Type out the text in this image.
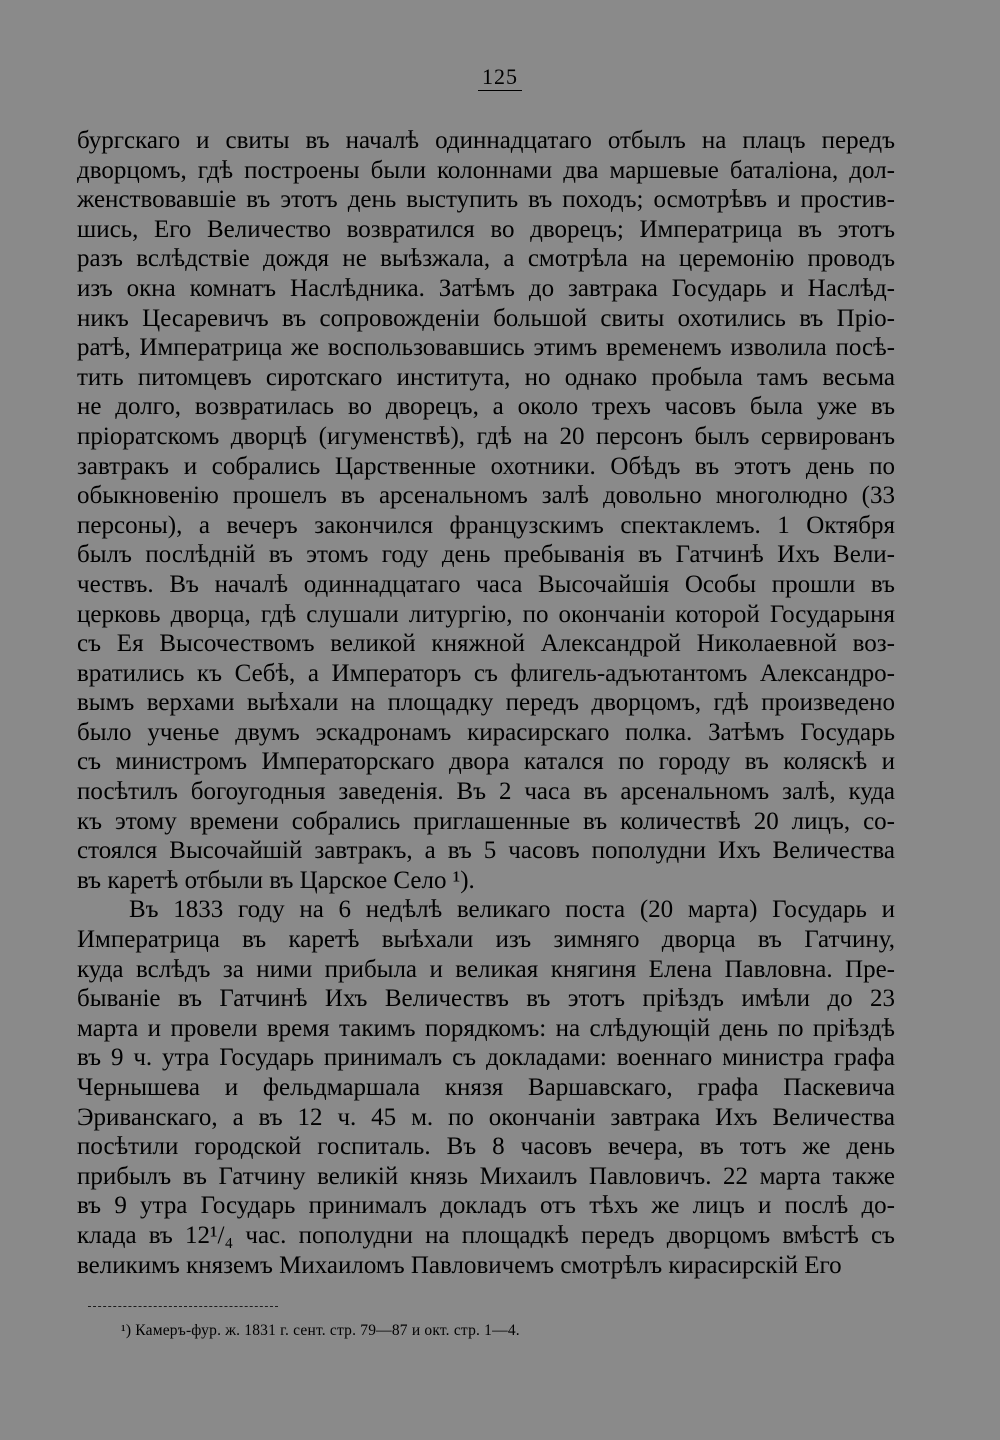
125
бургскаго и свиты въ началѣ одиннадцатаго отбылъ на плацъ передъ
дворцомъ, гдѣ построены были колоннами два маршевые баталіона, дол-
женствовавшіе въ этотъ день выступить въ походъ; осмотрѣвъ и простив-
шись, Его Величество возвратился во дворецъ; Императрица въ этотъ
разъ вслѣдствіе дождя не выѣзжала, а смотрѣла на церемонію проводъ
изъ окна комнатъ Наслѣдника. Затѣмъ до завтрака Государь и Наслѣд-
никъ Цесаревичъ въ сопровожденіи большой свиты охотились въ Пріо-
ратѣ, Императрица же воспользовавшись этимъ временемъ изволила посѣ-
тить питомцевъ сиротскаго института, но однако пробыла тамъ весьма
не долго, возвратилась во дворецъ, а около трехъ часовъ была уже въ
пріоратскомъ дворцѣ (игуменствѣ), гдѣ на 20 персонъ былъ сервированъ
завтракъ и собрались Царственные охотники. Обѣдъ въ этотъ день по
обыкновенію прошелъ въ арсенальномъ залѣ довольно многолюдно (33
персоны), а вечеръ закончился французскимъ спектаклемъ. 1 Октября
былъ послѣдній въ этомъ году день пребыванія въ Гатчинѣ Ихъ Вели-
чествъ. Въ началѣ одиннадцатаго часа Высочайшія Особы прошли въ
церковь дворца, гдѣ слушали литургію, по окончаніи которой Государыня
съ Ея Высочествомъ великой княжной Александрой Николаевной воз-
вратились къ Себѣ, а Императоръ съ флигель-адъютантомъ Александро-
вымъ верхами выѣхали на площадку передъ дворцомъ, гдѣ произведено
было ученье двумъ эскадронамъ кирасирскаго полка. Затѣмъ Государь
съ министромъ Императорскаго двора катался по городу въ коляскѣ и
посѣтилъ богоугодныя заведенія. Въ 2 часа въ арсенальномъ залѣ, куда
къ этому времени собрались приглашенные въ количествѣ 20 лицъ, со-
стоялся Высочайшій завтракъ, а въ 5 часовъ пополудни Ихъ Величества
въ каретѣ отбыли въ Царское Село ¹).
Въ 1833 году на 6 недѣлѣ великаго поста (20 марта) Государь и
Императрица въ каретѣ выѣхали изъ зимняго дворца въ Гатчину,
куда вслѣдъ за ними прибыла и великая княгиня Елена Павловна. Пре-
бываніе въ Гатчинѣ Ихъ Величествъ въ этотъ пріѣздъ имѣли до 23
марта и провели время такимъ порядкомъ: на слѣдующій день по пріѣздѣ
въ 9 ч. утра Государь принималъ съ докладами: военнаго министра графа
Чернышева и фельдмаршала князя Варшавскаго, графа Паскевича
Эриванскаго, а въ 12 ч. 45 м. по окончаніи завтрака Ихъ Величества
посѣтили городской госпиталь. Въ 8 часовъ вечера, въ тотъ же день
прибылъ въ Гатчину великій князь Михаилъ Павловичъ. 22 марта также
въ 9 утра Государь принималъ докладъ отъ тѣхъ же лицъ и послѣ до-
клада въ 12¹/₄ час. пополудни на площадкѣ передъ дворцомъ вмѣстѣ съ
великимъ княземъ Михаиломъ Павловичемъ смотрѣлъ кирасирскій Его
¹) Камеръ-фур. ж. 1831 г. сент. стр. 79—87 и окт. стр. 1—4.
